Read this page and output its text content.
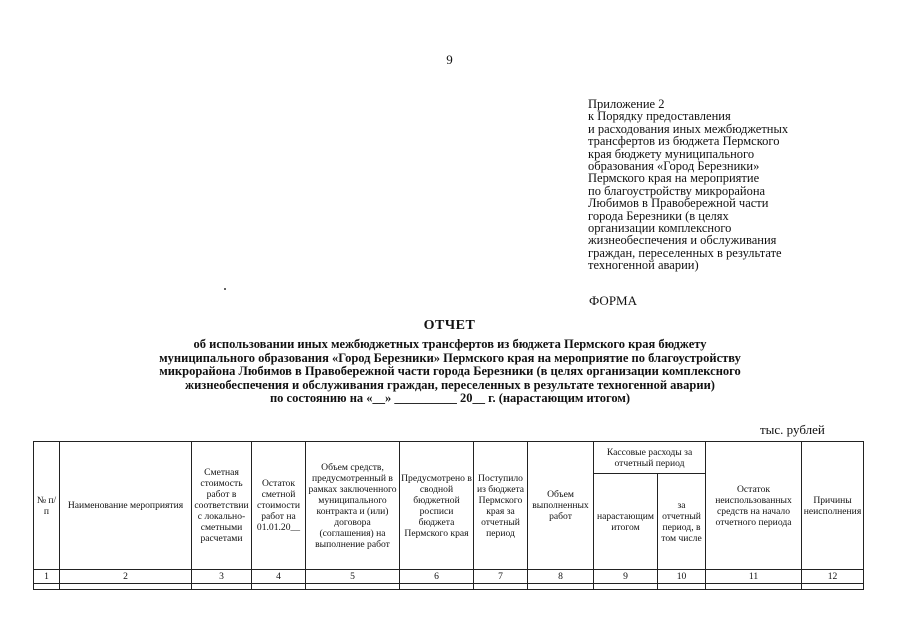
9
Приложение 2
к Порядку предоставления
и расходования иных межбюджетных
трансфертов из бюджета Пермского
края бюджету муниципального
образования «Город Березники»
Пермского края на мероприятие
по благоустройству микрорайона
Любимов в Правобережной части
города Березники (в целях
организации комплексного
жизнеобеспечения и обслуживания
граждан, переселенных в результате
техногенной аварии)
ФОРМА
ОТЧЕТ
об использовании иных межбюджетных трансфертов из бюджета Пермского края бюджету
муниципального образования «Город Березники» Пермского края на мероприятие по благоустройству
микрорайона Любимов в Правобережной части города Березники (в целях организации комплексного
жизнеобеспечения и обслуживания граждан, переселенных в результате техногенной аварии)
по состоянию на «__» __________ 20__ г. (нарастающим итогом)
тыс. рублей
№ п/п	Наименование мероприятия	Сметная стоимость работ в соответствии с локально-сметными расчетами	Остаток сметной стоимости работ на 01.01.20__	Объем средств, предусмотренный в рамках заключенного муниципального контракта и (или) договора (соглашения) на выполнение работ	Предусмотрено в сводной бюджетной росписи бюджета Пермского края	Поступило из бюджета Пермского края за отчетный период	Объем выполненных работ	Кассовые расходы за отчетный период		Остаток неиспользованных средств на начало отчетного периода	Причины неисполнения
								нарастающим итогом	за отчетный период, в том числе		
1	2	3	4	5	6	7	8	9	10	11	12
